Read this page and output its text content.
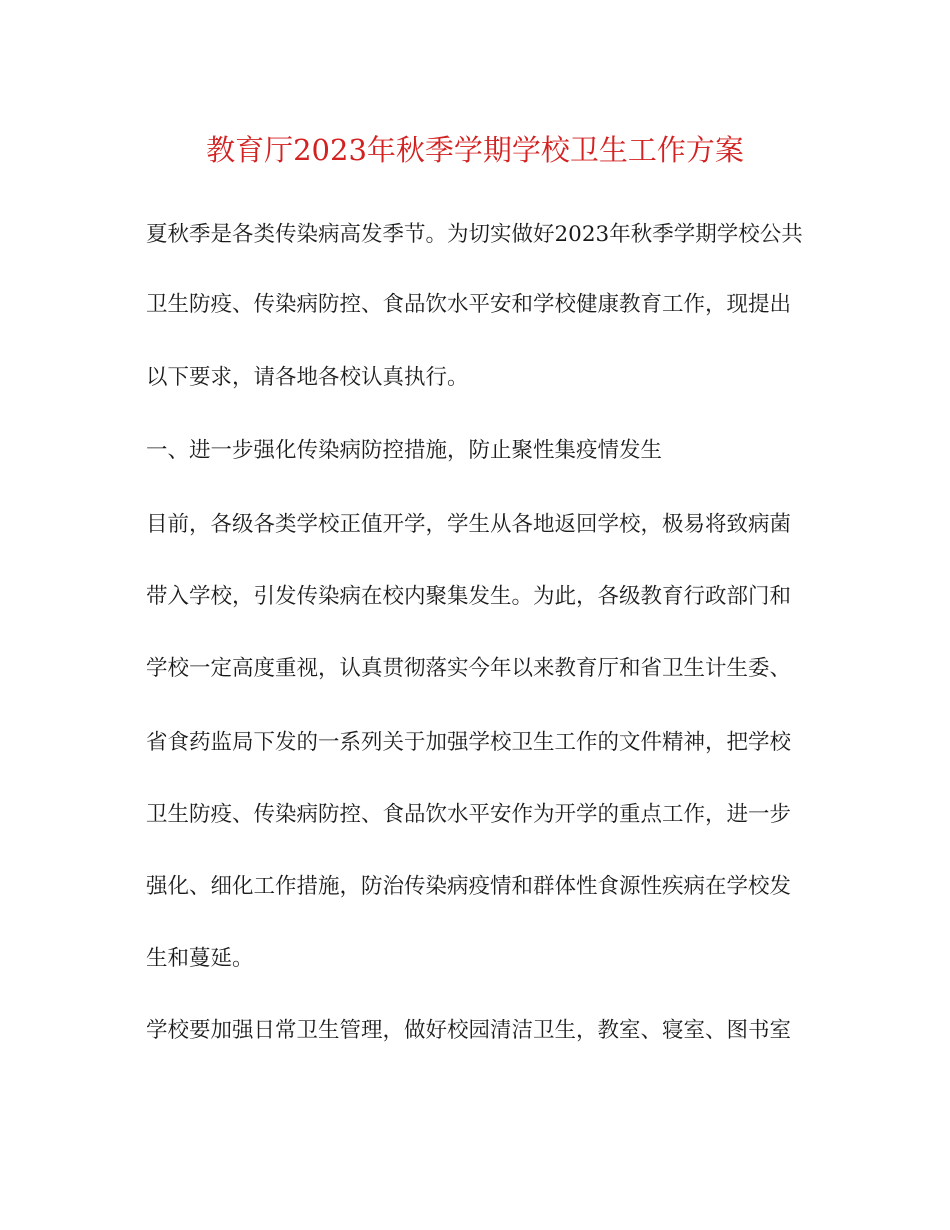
教育厅2023年秋季学期学校卫生工作方案

夏秋季是各类传染病高发季节。为切实做好2023年秋季学期学校公共

卫生防疫、传染病防控、食品饮水平安和学校健康教育工作，现提出

以下要求，请各地各校认真执行。

一、进一步强化传染病防控措施，防止聚性集疫情发生

目前，各级各类学校正值开学，学生从各地返回学校，极易将致病菌

带入学校，引发传染病在校内聚集发生。为此，各级教育行政部门和

学校一定高度重视，认真贯彻落实今年以来教育厅和省卫生计生委、

省食药监局下发的一系列关于加强学校卫生工作的文件精神，把学校

卫生防疫、传染病防控、食品饮水平安作为开学的重点工作，进一步

强化、细化工作措施，防治传染病疫情和群体性食源性疾病在学校发

生和蔓延。

学校要加强日常卫生管理，做好校园清洁卫生，教室、寝室、图书室
